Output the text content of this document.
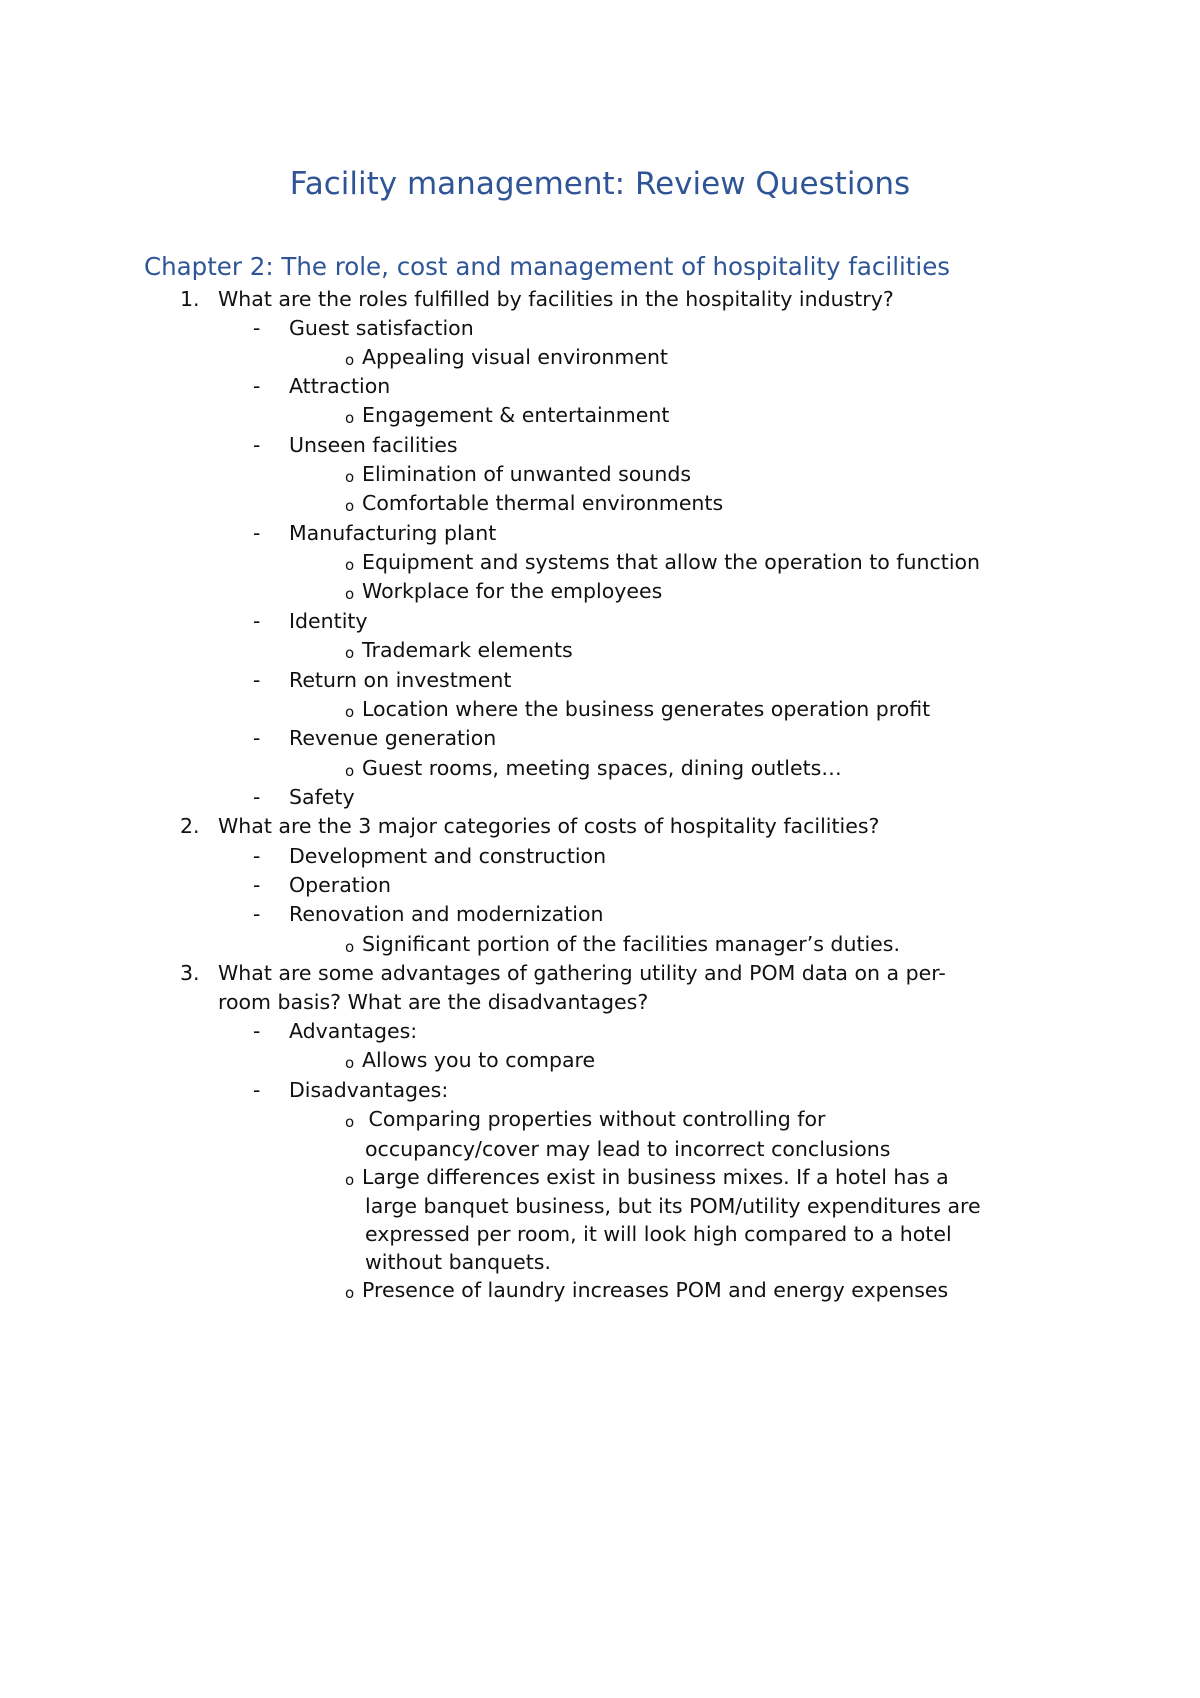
Facility management: Review Questions
Chapter 2: The role, cost and management of hospitality facilities
1. What are the roles fulfilled by facilities in the hospitality industry?
- Guest satisfaction
o Appealing visual environment
- Attraction
o Engagement & entertainment
- Unseen facilities
o Elimination of unwanted sounds
o Comfortable thermal environments
- Manufacturing plant
o Equipment and systems that allow the operation to function
o Workplace for the employees
- Identity
o Trademark elements
- Return on investment
o Location where the business generates operation profit
- Revenue generation
o Guest rooms, meeting spaces, dining outlets…
- Safety
2. What are the 3 major categories of costs of hospitality facilities?
- Development and construction
- Operation
- Renovation and modernization
o Significant portion of the facilities manager’s duties.
3. What are some advantages of gathering utility and POM data on a per-
room basis? What are the disadvantages?
- Advantages:
o Allows you to compare
- Disadvantages:
o Comparing properties without controlling for
occupancy/cover may lead to incorrect conclusions
o Large differences exist in business mixes. If a hotel has a
large banquet business, but its POM/utility expenditures are
expressed per room, it will look high compared to a hotel
without banquets.
o Presence of laundry increases POM and energy expenses
